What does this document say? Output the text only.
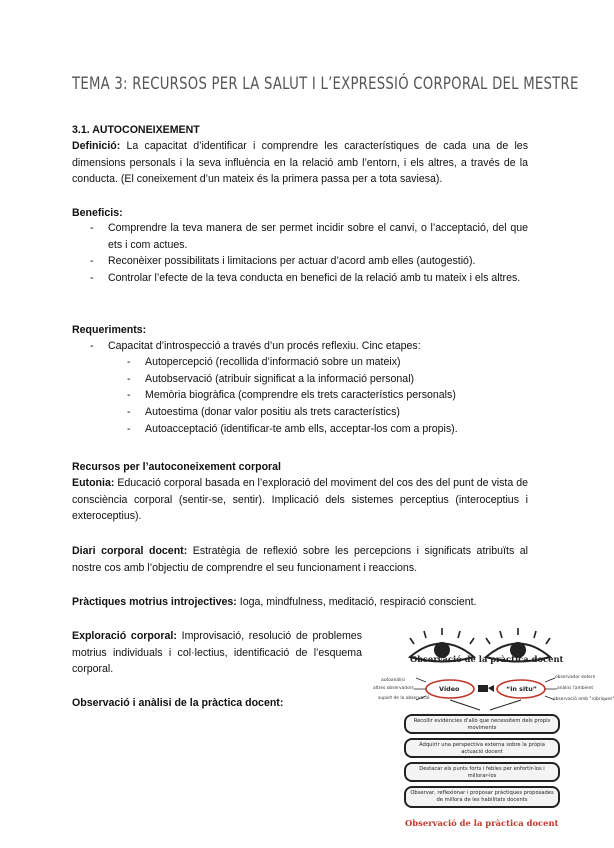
TEMA 3: RECURSOS PER LA SALUT I L’EXPRESSIÓ CORPORAL DEL MESTRE
3.1. AUTOCONEIXEMENT
Definició: La capacitat d’identificar i comprendre les característiques de cada una de les dimensions personals i la seva influència en la relació amb l’entorn, i els altres, a través de la conducta. (El coneixement d’un mateix és la primera passa per a tota saviesa).
Beneficis:
- Comprendre la teva manera de ser permet incidir sobre el canvi, o l’acceptació, del que ets i com actues.
- Reconèixer possibilitats i limitacions per actuar d’acord amb elles (autogestió).
- Controlar l’efecte de la teva conducta en benefici de la relació amb tu mateix i els altres.
Requeriments:
- Capacitat d’introspecció a través d’un procés reflexiu. Cinc etapes:
- Autopercepció (recollida d’informació sobre un mateix)
- Autobservació (atribuir significat a la informació personal)
- Memòria biogràfica (comprendre els trets característics personals)
- Autoestima (donar valor positiu als trets característics)
- Autoacceptació (identificar-te amb ells, acceptar-los com a propis).
Recursos per l’autoconeixement corporal
Eutonia: Educació corporal basada en l’exploració del moviment del cos des del punt de vista de consciència corporal (sentir-se, sentir). Implicació dels sistemes perceptius (interoceptius i exteroceptius).
Diari corporal docent: Estratègia de reflexió sobre les percepcions i significats atribuïts al nostre cos amb l’objectiu de comprendre el seu funcionament i reaccions.
Pràctiques motrius introjectives: Ioga, mindfulness, meditació, respiració conscient.
Exploració corporal: Improvisació, resolució de problemes motrius individuals i col·lectius, identificació de l’esquema corporal.
Observació i anàlisi de la pràctica docent:
Observació de la pràctica docent
Vídeo	“in situ”
autoanàlisi
altres observadors
suport de la observació
observador extern
anàlisi l'ambient
observació amb "rúbriques"
Recollir evidències d'allò que necessitem dels propis moviments
Adquirir una perspectiva externa sobre la pròpia actuació docent
Destacar els punts forts i febles per enfortir-los i millorar-los
Observar, reflexionar i proposar pràctiques proposades de millora de les habilitats docents
Observació de la pràctica docent
